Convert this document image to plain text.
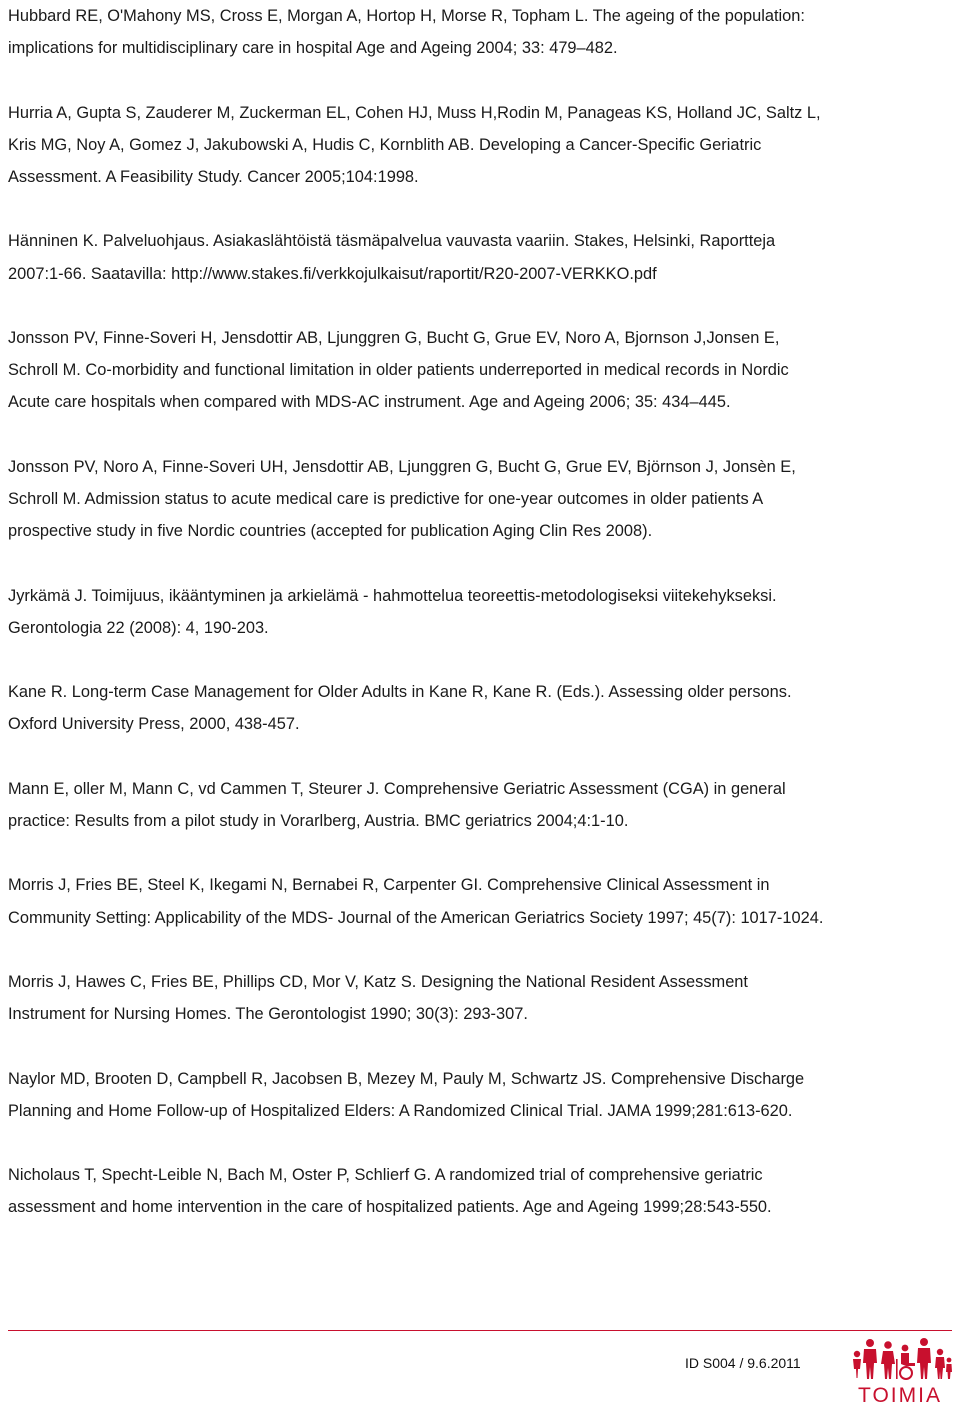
Hubbard RE, O'Mahony MS, Cross E, Morgan A, Hortop H, Morse R, Topham L. The ageing of the population:
implications for multidisciplinary care in hospital Age and Ageing 2004; 33: 479–482.
Hurria A, Gupta S, Zauderer M, Zuckerman EL, Cohen HJ, Muss H,Rodin M, Panageas KS, Holland JC, Saltz L,
Kris MG, Noy A, Gomez J, Jakubowski A, Hudis C, Kornblith AB. Developing a Cancer-Specific Geriatric
Assessment. A Feasibility Study. Cancer 2005;104:1998.
Hänninen K. Palveluohjaus. Asiakaslähtöistä täsmäpalvelua vauvasta vaariin. Stakes, Helsinki, Raportteja
2007:1-66. Saatavilla: http://www.stakes.fi/verkkojulkaisut/raportit/R20-2007-VERKKO.pdf
Jonsson PV, Finne-Soveri H, Jensdottir AB, Ljunggren G, Bucht G, Grue EV, Noro A, Bjornson J,Jonsen E,
Schroll M. Co-morbidity and functional limitation in older patients underreported in medical records in Nordic
Acute care hospitals when compared with MDS-AC instrument. Age and Ageing 2006; 35: 434–445.
Jonsson PV, Noro A, Finne-Soveri UH, Jensdottir AB, Ljunggren G, Bucht G, Grue EV, Björnson J, Jonsèn E,
Schroll M. Admission status to acute medical care is predictive for one-year outcomes in older patients A
prospective study in five Nordic countries (accepted for publication Aging Clin Res 2008).
Jyrkämä J. Toimijuus, ikääntyminen ja arkielämä - hahmottelua teoreettis-metodologiseksi viitekehykseksi.
Gerontologia 22 (2008): 4, 190-203.
Kane R. Long-term Case Management for Older Adults in Kane R, Kane R. (Eds.). Assessing older persons.
Oxford University Press, 2000, 438-457.
Mann E, oller M, Mann C, vd Cammen T, Steurer J. Comprehensive Geriatric Assessment (CGA) in general
practice: Results from a pilot study in Vorarlberg, Austria. BMC geriatrics 2004;4:1-10.
Morris J, Fries BE, Steel K, Ikegami N, Bernabei R, Carpenter GI. Comprehensive Clinical Assessment in
Community Setting: Applicability of the MDS- Journal of the American Geriatrics Society 1997; 45(7): 1017-1024.
Morris J, Hawes C, Fries BE, Phillips CD, Mor V, Katz S. Designing the National Resident Assessment
Instrument for Nursing Homes. The Gerontologist 1990; 30(3): 293-307.
Naylor MD, Brooten D, Campbell R, Jacobsen B, Mezey M, Pauly M, Schwartz JS. Comprehensive Discharge
Planning and Home Follow-up of Hospitalized Elders: A Randomized Clinical Trial. JAMA 1999;281:613-620.
Nicholaus T, Specht-Leible N, Bach M, Oster P, Schlierf G. A randomized trial of comprehensive geriatric
assessment and home intervention in the care of hospitalized patients. Age and Ageing 1999;28:543-550.
ID S004 / 9.6.2011
TOIMIA
